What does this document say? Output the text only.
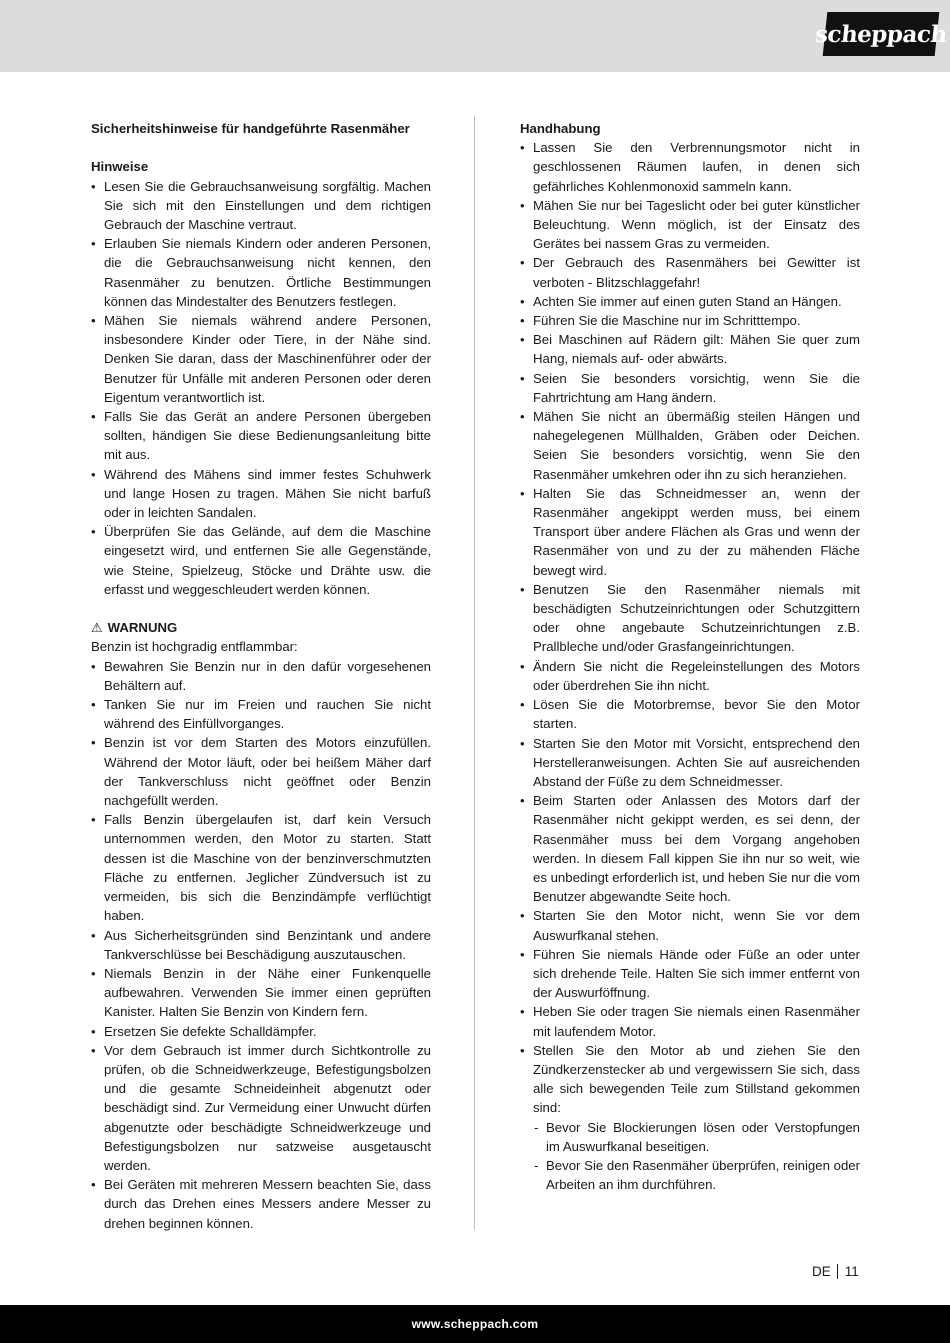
scheppach

Sicherheitshinweise für handgeführte Rasenmäher

Hinweise

• Lesen Sie die Gebrauchsanweisung sorgfältig. Machen Sie sich mit den Einstellungen und dem richtigen Gebrauch der Maschine vertraut.
• Erlauben Sie niemals Kindern oder anderen Personen, die die Gebrauchsanweisung nicht kennen, den Rasenmäher zu benutzen. Örtliche Bestimmungen können das Mindestalter des Benutzers festlegen.
• Mähen Sie niemals während andere Personen, insbesondere Kinder oder Tiere, in der Nähe sind. Denken Sie daran, dass der Maschinenführer oder der Benutzer für Unfälle mit anderen Personen oder deren Eigentum verantwortlich ist.
• Falls Sie das Gerät an andere Personen übergeben sollten, händigen Sie diese Bedienungsanleitung bitte mit aus.
• Während des Mähens sind immer festes Schuhwerk und lange Hosen zu tragen. Mähen Sie nicht barfuß oder in leichten Sandalen.
• Überprüfen Sie das Gelände, auf dem die Maschine eingesetzt wird, und entfernen Sie alle Gegenstände, wie Steine, Spielzeug, Stöcke und Drähte usw. die erfasst und weggeschleudert werden können.

⚠ WARNUNG

Benzin ist hochgradig entflammbar:

• Bewahren Sie Benzin nur in den dafür vorgesehenen Behältern auf.
• Tanken Sie nur im Freien und rauchen Sie nicht während des Einfüllvorganges.
• Benzin ist vor dem Starten des Motors einzufüllen. Während der Motor läuft, oder bei heißem Mäher darf der Tankverschluss nicht geöffnet oder Benzin nachgefüllt werden.
• Falls Benzin übergelaufen ist, darf kein Versuch unternommen werden, den Motor zu starten. Statt dessen ist die Maschine von der benzinverschmutzten Fläche zu entfernen. Jeglicher Zündversuch ist zu vermeiden, bis sich die Benzindämpfe verflüchtigt haben.
• Aus Sicherheitsgründen sind Benzintank und andere Tankverschlüsse bei Beschädigung auszutauschen.
• Niemals Benzin in der Nähe einer Funkenquelle aufbewahren. Verwenden Sie immer einen geprüften Kanister. Halten Sie Benzin von Kindern fern.
• Ersetzen Sie defekte Schalldämpfer.
• Vor dem Gebrauch ist immer durch Sichtkontrolle zu prüfen, ob die Schneidwerkzeuge, Befestigungsbolzen und die gesamte Schneideinheit abgenutzt oder beschädigt sind. Zur Vermeidung einer Unwucht dürfen abgenutzte oder beschädigte Schneidwerkzeuge und Befestigungsbolzen nur satzweise ausgetauscht werden.
• Bei Geräten mit mehreren Messern beachten Sie, dass durch das Drehen eines Messers andere Messer zu drehen beginnen können.

Handhabung

• Lassen Sie den Verbrennungsmotor nicht in geschlossenen Räumen laufen, in denen sich gefährliches Kohlenmonoxid sammeln kann.
• Mähen Sie nur bei Tageslicht oder bei guter künstlicher Beleuchtung. Wenn möglich, ist der Einsatz des Gerätes bei nassem Gras zu vermeiden.
• Der Gebrauch des Rasenmähers bei Gewitter ist verboten - Blitzschlaggefahr!
• Achten Sie immer auf einen guten Stand an Hängen.
• Führen Sie die Maschine nur im Schritttempo.
• Bei Maschinen auf Rädern gilt: Mähen Sie quer zum Hang, niemals auf- oder abwärts.
• Seien Sie besonders vorsichtig, wenn Sie die Fahrtrichtung am Hang ändern.
• Mähen Sie nicht an übermäßig steilen Hängen und nahegelegenen Müllhalden, Gräben oder Deichen. Seien Sie besonders vorsichtig, wenn Sie den Rasenmäher umkehren oder ihn zu sich heranziehen.
• Halten Sie das Schneidmesser an, wenn der Rasenmäher angekippt werden muss, bei einem Transport über andere Flächen als Gras und wenn der Rasenmäher von und zu der zu mähenden Fläche bewegt wird.
• Benutzen Sie den Rasenmäher niemals mit beschädigten Schutzeinrichtungen oder Schutzgittern oder ohne angebaute Schutzeinrichtungen z.B. Prallbleche und/oder Grasfangeinrichtungen.
• Ändern Sie nicht die Regeleinstellungen des Motors oder überdrehen Sie ihn nicht.
• Lösen Sie die Motorbremse, bevor Sie den Motor starten.
• Starten Sie den Motor mit Vorsicht, entsprechend den Herstelleranweisungen. Achten Sie auf ausreichenden Abstand der Füße zu dem Schneidmesser.
• Beim Starten oder Anlassen des Motors darf der Rasenmäher nicht gekippt werden, es sei denn, der Rasenmäher muss bei dem Vorgang angehoben werden. In diesem Fall kippen Sie ihn nur so weit, wie es unbedingt erforderlich ist, und heben Sie nur die vom Benutzer abgewandte Seite hoch.
• Starten Sie den Motor nicht, wenn Sie vor dem Auswurfkanal stehen.
• Führen Sie niemals Hände oder Füße an oder unter sich drehende Teile. Halten Sie sich immer entfernt von der Auswurföffnung.
• Heben Sie oder tragen Sie niemals einen Rasenmäher mit laufendem Motor.
• Stellen Sie den Motor ab und ziehen Sie den Zündkerzenstecker ab und vergewissern Sie sich, dass alle sich bewegenden Teile zum Stillstand gekommen sind:
- Bevor Sie Blockierungen lösen oder Verstopfungen im Auswurfkanal beseitigen.
- Bevor Sie den Rasenmäher überprüfen, reinigen oder Arbeiten an ihm durchführen.
DE 11
www.scheppach.com
